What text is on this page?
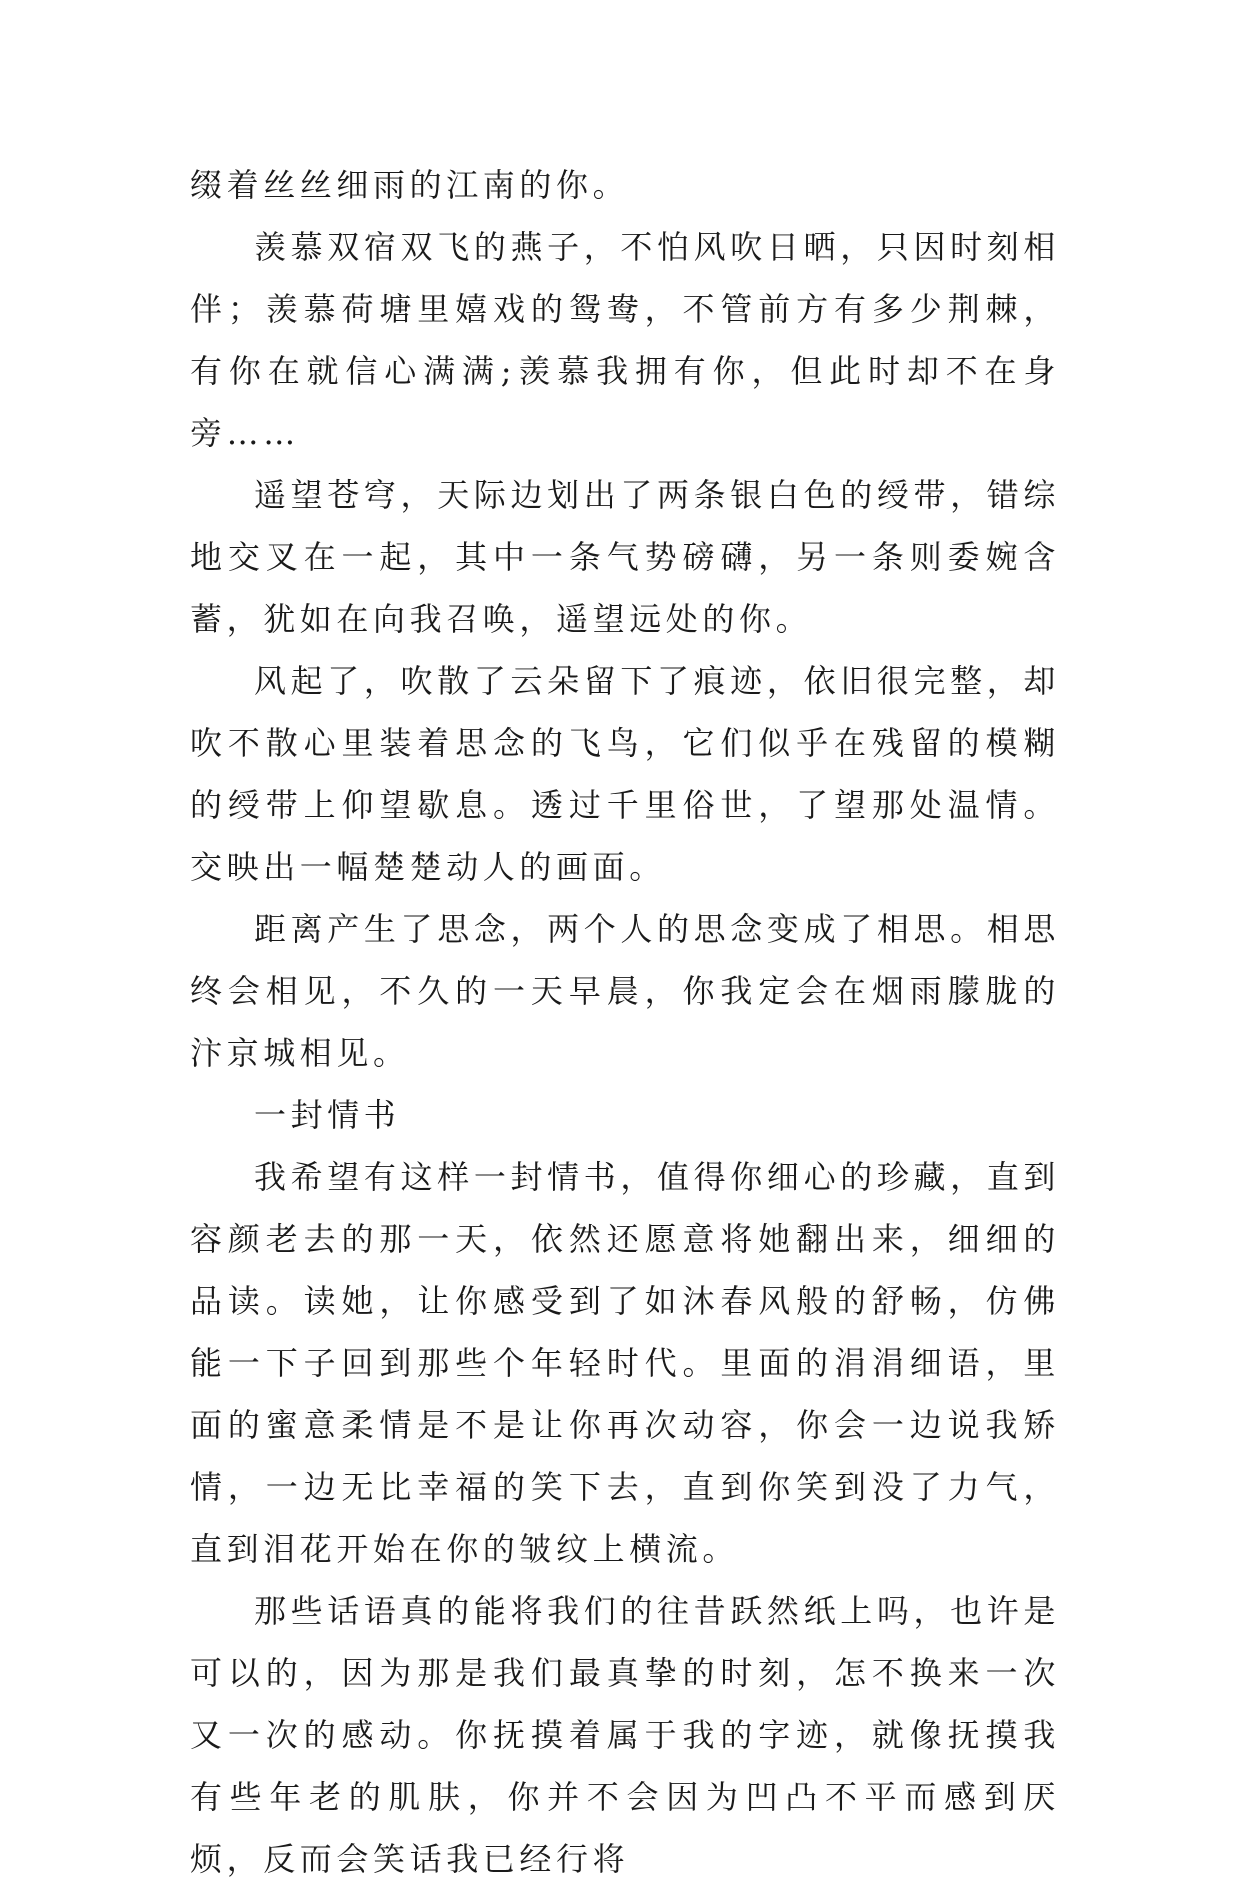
缀着丝丝细雨的江南的你。

羡慕双宿双飞的燕子，不怕风吹日晒，只因时刻相伴；羡慕荷塘里嬉戏的鸳鸯，不管前方有多少荆棘，有你在就信心满满;羡慕我拥有你，但此时却不在身旁……

遥望苍穹，天际边划出了两条银白色的绶带，错综地交叉在一起，其中一条气势磅礴，另一条则委婉含蓄，犹如在向我召唤，遥望远处的你。

风起了，吹散了云朵留下了痕迹，依旧很完整，却吹不散心里装着思念的飞鸟，它们似乎在残留的模糊的绶带上仰望歇息。透过千里俗世，了望那处温情。交映出一幅楚楚动人的画面。

距离产生了思念，两个人的思念变成了相思。相思终会相见，不久的一天早晨，你我定会在烟雨朦胧的汴京城相见。

一封情书

我希望有这样一封情书，值得你细心的珍藏，直到容颜老去的那一天，依然还愿意将她翻出来，细细的品读。读她，让你感受到了如沐春风般的舒畅，仿佛能一下子回到那些个年轻时代。里面的涓涓细语，里面的蜜意柔情是不是让你再次动容，你会一边说我矫情，一边无比幸福的笑下去，直到你笑到没了力气，直到泪花开始在你的皱纹上横流。

那些话语真的能将我们的往昔跃然纸上吗，也许是可以的，因为那是我们最真挚的时刻，怎不换来一次又一次的感动。你抚摸着属于我的字迹，就像抚摸我有些年老的肌肤，你并不会因为凹凸不平而感到厌烦，反而会笑话我已经行将
